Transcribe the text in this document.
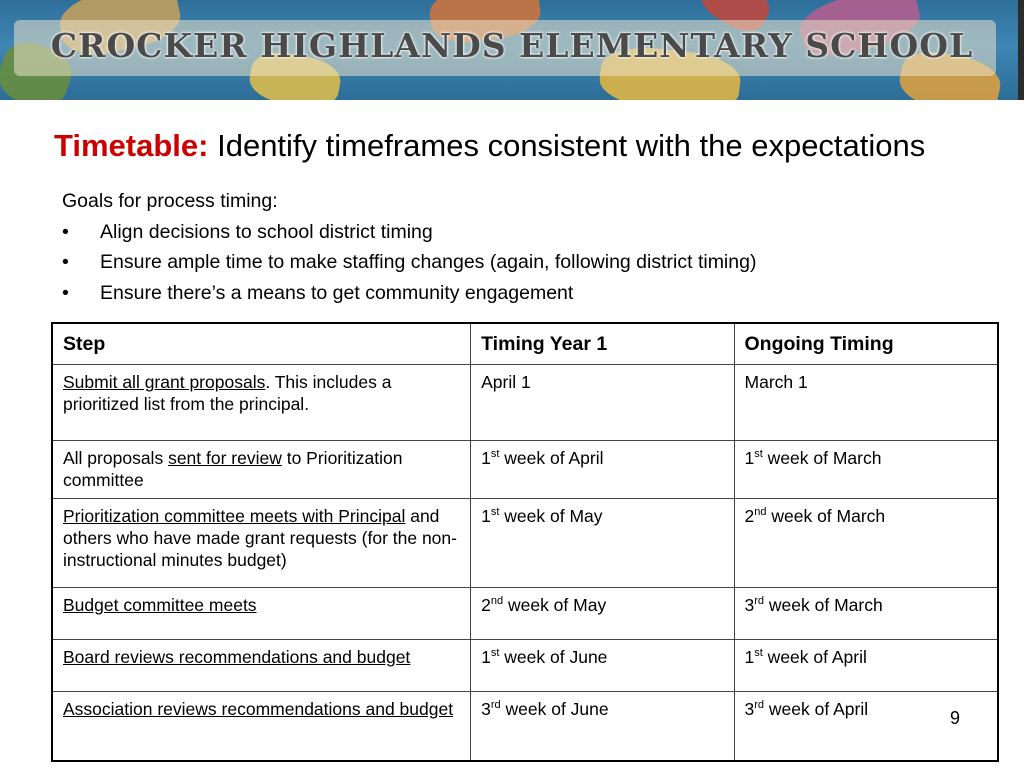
CROCKER HIGHLANDS ELEMENTARY SCHOOL
Timetable: Identify timeframes consistent with the expectations
Goals for process timing:
• Align decisions to school district timing
• Ensure ample time to make staffing changes (again, following district timing)
• Ensure there’s a means to get community engagement
Step	Timing Year 1	Ongoing Timing
Submit all grant proposals. This includes a prioritized list from the principal.	April 1	March 1
All proposals sent for review to Prioritization committee	1st week of April	1st week of March
Prioritization committee meets with Principal and others who have made grant requests (for the non-instructional minutes budget)	1st week of May	2nd week of March
Budget committee meets	2nd week of May	3rd week of March
Board reviews recommendations and budget	1st week of June	1st week of April
Association reviews recommendations and budget	3rd week of June	3rd week of April	9
